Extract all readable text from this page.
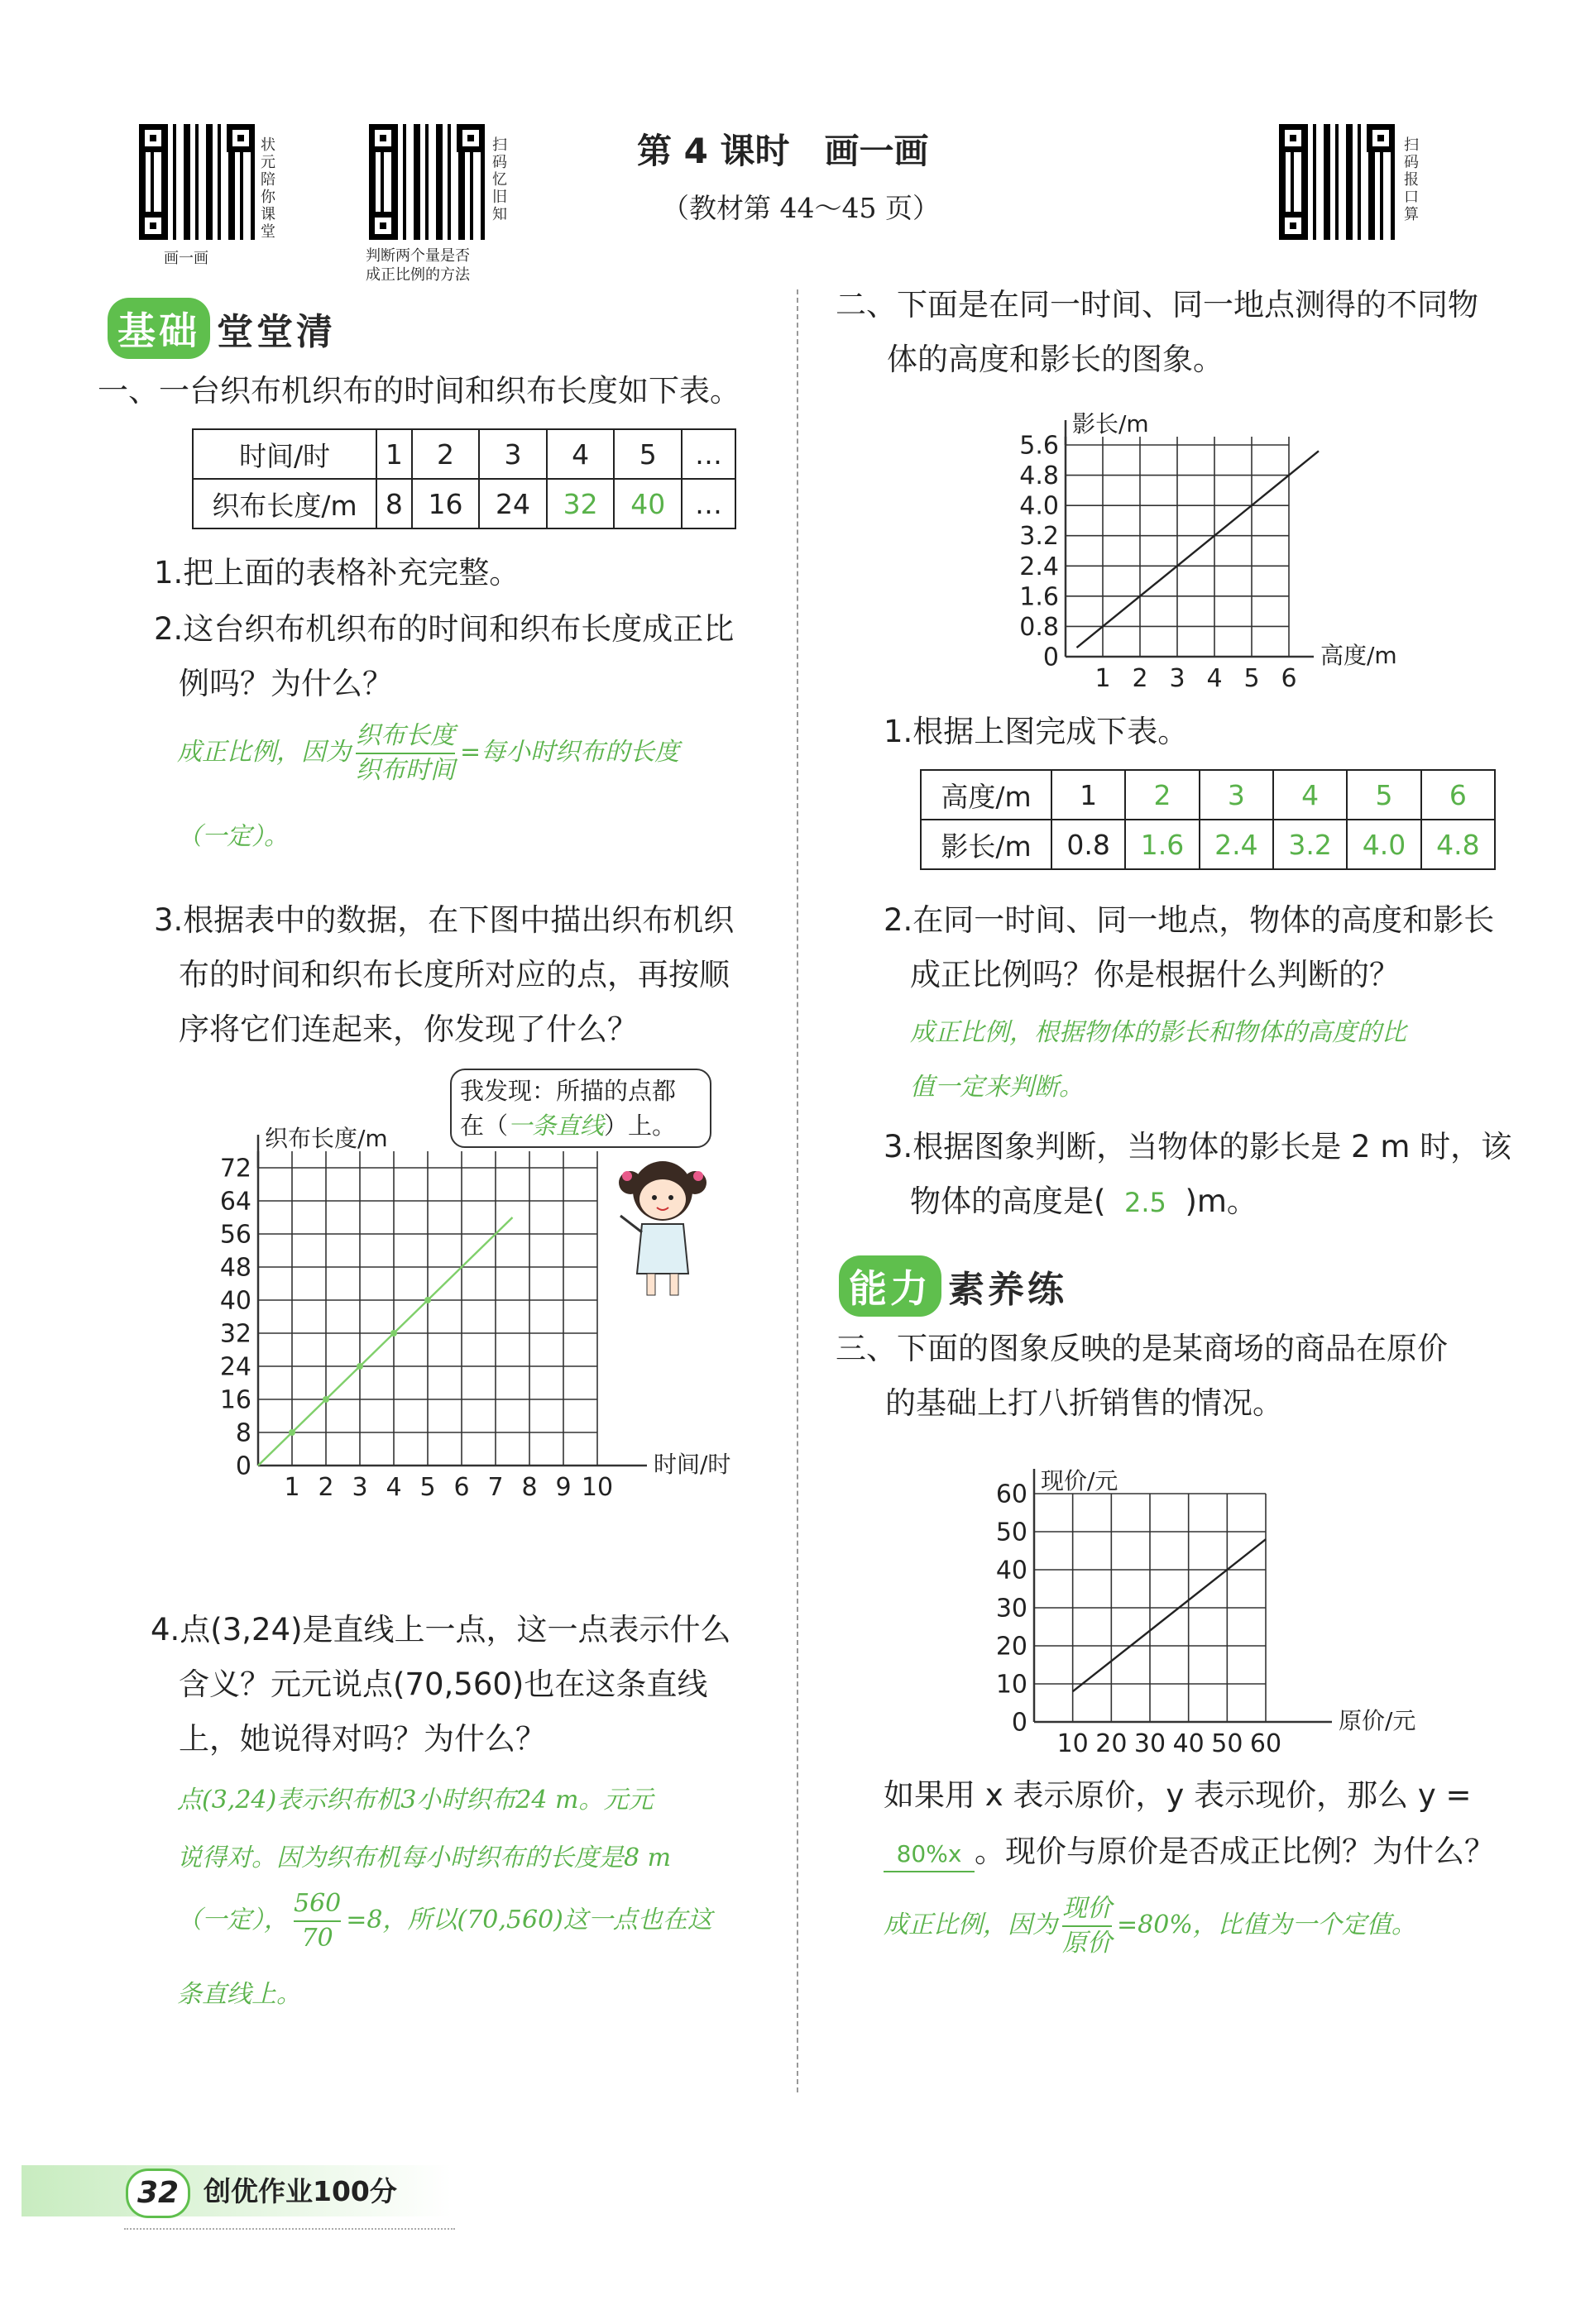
状元陪你课堂
画一画
扫码忆旧知
判断两个量是否
成正比例的方法
第 4 课时　画一画
（教材第 44～45 页）
扫码报口算
基础 堂堂清
一、一台织布机织布的时间和织布长度如下表。
时间/时	1	2	3	4	5	…
织布长度/m	8	16	24	32	40	…
1.把上面的表格补充完整。
2.这台织布机织布的时间和织布长度成正比
例吗？为什么？
成正比例，因为 $\frac{\text{织布长度}}{\text{织布时间}}$ =每小时织布的长度
（一定）。
3.根据表中的数据，在下图中描出织布机织
布的时间和织布长度所对应的点，再按顺
序将它们连起来，你发现了什么？
我发现：所描的点都
在（一条直线）上。
1 2 3 4 5 6 7 8 9 10
0
8
16
24
32
40
48
56
64
72
时间/时
织布长度/m
4.点(3,24)是直线上一点，这一点表示什么
含义？元元说点(70,560)也在这条直线
上，她说得对吗？为什么？
点(3,24)表示织布机3小时织布24 m。元元
说得对。因为织布机每小时织布的长度是8 m
（一定）， $\frac{560}{70} =8$，所以(70,560)这一点也在这
条直线上。
二、下面是在同一时间、同一地点测得的不同物
体的高度和影长的图象。
1 2 3 4 5 6
0
0.8
1.6
2.4
3.2
4.0
4.8
5.6
高度/m
影长/m
1.根据上图完成下表。
高度/m	1	2	3	4	5	6
影长/m	0.8	1.6	2.4	3.2	4.0	4.8
2.在同一时间、同一地点，物体的高度和影长
成正比例吗？你是根据什么判断的？
成正比例，根据物体的影长和物体的高度的比
值一定来判断。
3.根据图象判断，当物体的影长是 2 m 时，该
物体的高度是( 2.5 )m。
能力 素养练
三、下面的图象反映的是某商场的商品在原价
的基础上打八折销售的情况。
10 20 30 40 50 60
0
10
20
30
40
50
60
原价/元
现价/元
如果用 x 表示原价，y 表示现价，那么 y =
80%x 。现价与原价是否成正比例？为什么？
成正比例，因为 $\frac{\text{现价}}{\text{原价}} =80\%$，比值为一个定值。
32 创优作业100分
